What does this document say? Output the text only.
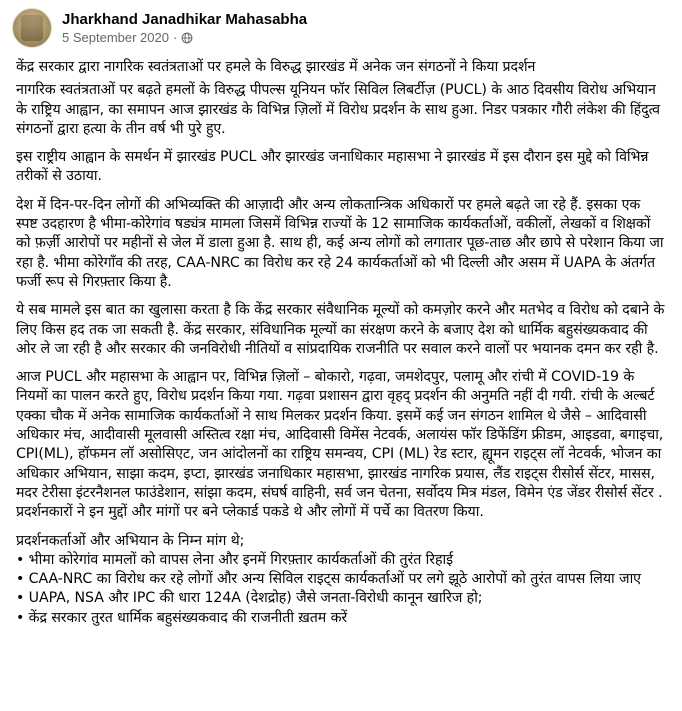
Jharkhand Janadhikar Mahasabha
5 September 2020 ·

केंद्र सरकार द्वारा नागरिक स्वतंत्रताओं पर हमले के विरुद्ध झारखंड में अनेक जन संगठनों ने किया प्रदर्शन

नागरिक स्वतंत्रताओं पर बढ़ते हमलों के विरुद्ध पीपल्स यूनियन फॉर सिविल लिबर्टीज़ (PUCL) के आठ दिवसीय विरोध अभियान के राष्ट्रिय आह्वान, का समापन आज झारखंड के विभिन्न ज़िलों में विरोध प्रदर्शन के साथ हुआ. निडर पत्रकार गौरी लंकेश की हिंदुत्व संगठनों द्वारा हत्या के तीन वर्ष भी पुरे हुए.

इस राष्ट्रीय आह्वान के समर्थन में झारखंड PUCL और झारखंड जनाधिकार महासभा ने झारखंड में इस दौरान इस मुद्दे को विभिन्न तरीकों से उठाया.

देश में दिन-पर-दिन लोगों की अभिव्यक्ति की आज़ादी और अन्य लोकतान्त्रिक अधिकारों पर हमले बढ़ते जा रहे हैं. इसका एक स्पष्ट उदहारण है भीमा-कोरेगांव षड्यंत्र मामला जिसमें विभिन्न राज्यों के 12 सामाजिक कार्यकर्ताओं, वकीलों, लेखकों व शिक्षकों को फ़र्ज़ी आरोपों पर महीनों से जेल में डाला हुआ है. साथ ही, कई अन्य लोगों को लगातार पूछ-ताछ और छापे से परेशान किया जा रहा है. भीमा कोरेगाँव की तरह, CAA-NRC का विरोध कर रहे 24 कार्यकर्ताओं को भी दिल्ली और असम में UAPA के अंतर्गत फर्जी रूप से गिरफ़्तार किया है.

ये सब मामले इस बात का खुलासा करता है कि केंद्र सरकार संवैधानिक मूल्यों को कमज़ोर करने और मतभेद व विरोध को दबाने के लिए किस हद तक जा सकती है. केंद्र सरकार, संविधानिक मूल्यों का संरक्षण करने के बजाए देश को धार्मिक बहुसंख्यकवाद की ओर ले जा रही है और सरकार की जनविरोधी नीतियों व सांप्रदायिक राजनीति पर सवाल करने वालों पर भयानक दमन कर रही है.

आज PUCL और महासभा के आह्वान पर, विभिन्न ज़िलों – बोकारो, गढ़वा, जमशेदपुर, पलामू और रांची में COVID-19 के नियमों का पालन करते हुए, विरोध प्रदर्शन किया गया. गढ़वा प्रशासन द्वारा वृहद् प्रदर्शन की अनुमति नहीं दी गयी. रांची के अल्बर्ट एक्का चौक में अनेक सामाजिक कार्यकर्ताओं ने साथ मिलकर प्रदर्शन किया. इसमें कई जन संगठन शामिल थे जैसे – आदिवासी अधिकार मंच, आदीवासी मूलवासी अस्तित्व रक्षा मंच, आदिवासी विमेंस नेटवर्क, अलायंस फॉर डिफेंडिंग फ्रीडम, आइडवा, बगाइचा, CPI(ML), हॉफमन लॉ असोसिएट, जन आंदोलनों का राष्ट्रिय समन्वय, CPI (ML) रेड स्टार, ह्यूमन राइट्स लॉ नेटवर्क, भोजन का अधिकार अभियान, साझा कदम, इप्टा, झारखंड जनाधिकार महासभा, झारखंड नागरिक प्रयास, लैंड राइट्स रीसोर्स सेंटर, मासस, मदर टेरीसा इंटरनैशनल फाउंडेशान, सांझा कदम, संघर्ष वाहिनी, सर्व जन चेतना, सर्वोदय मित्र मंडल, विमेन एंड जेंडर रीसोर्स सेंटर . प्रदर्शनकारों ने इन मुद्दों और मांगों पर बने प्लेकार्ड पकडे थे और लोगों में पर्चे का वितरण किया.

प्रदर्शनकर्ताओं और अभियान के निम्न मांग थे;
• भीमा कोरेगांव मामलों को वापस लेना और इनमें गिरफ़्तार कार्यकर्ताओं की तुरंत रिहाई
• CAA-NRC का विरोध कर रहे लोगों और अन्य सिविल राइट्स कार्यकर्ताओं पर लगे झूठे आरोपों को तुरंत वापस लिया जाए
• UAPA, NSA और IPC की धारा 124A (देशद्रोह) जैसे जनता-विरोधी कानून खारिज हो;
• केंद्र सरकार तुरत धार्मिक बहुसंख्यकवाद की राजनीती ख़तम करें
